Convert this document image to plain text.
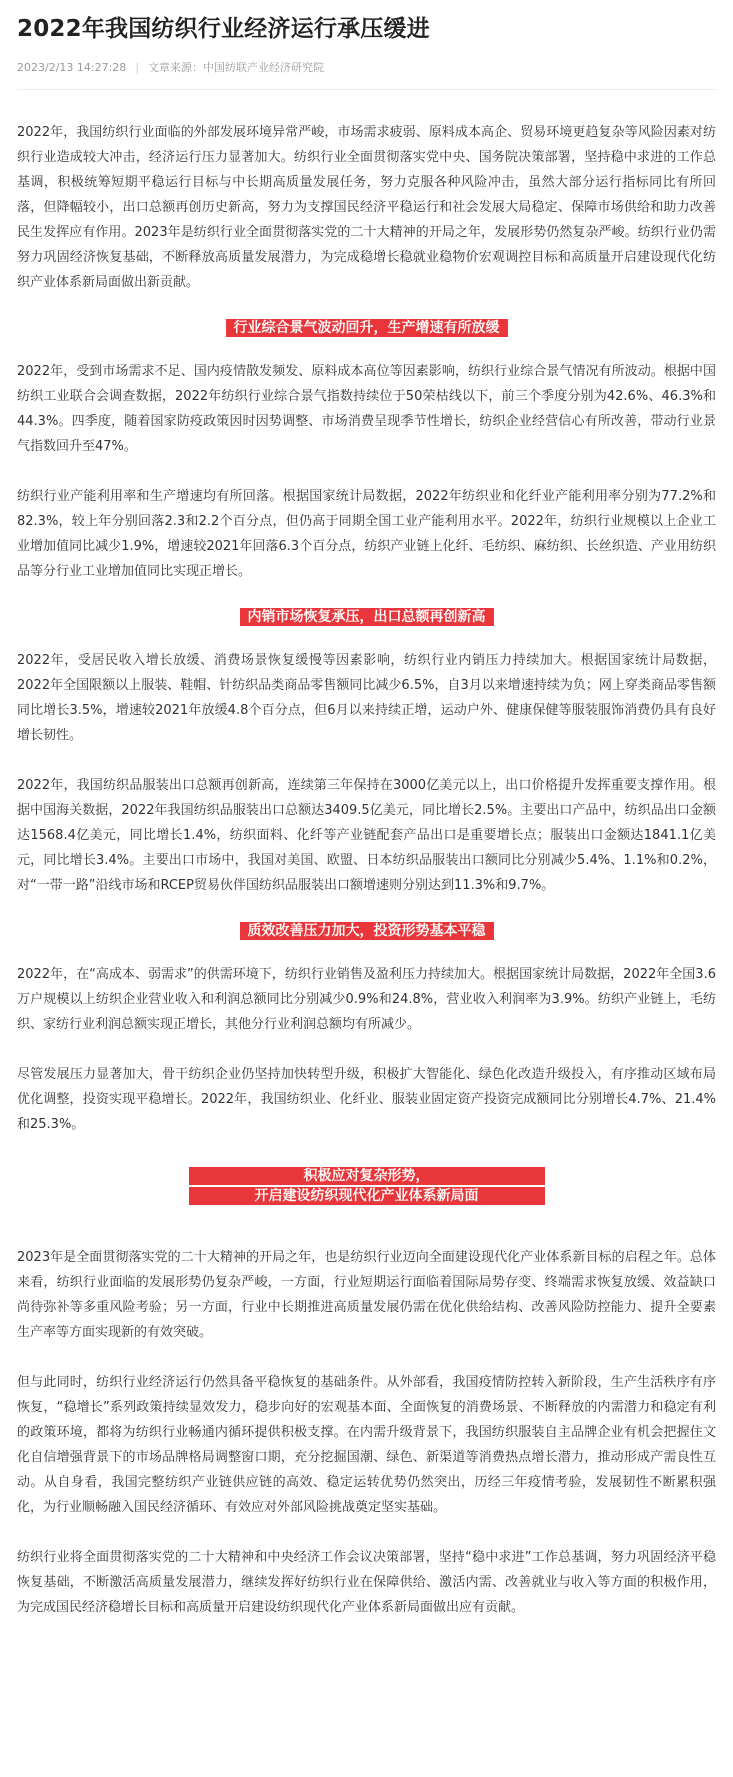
2022年我国纺织行业经济运行承压缓进
2023/2/13 14:27:28 | 文章来源：中国纺联产业经济研究院

2022年，我国纺织行业面临的外部发展环境异常严峻，市场需求疲弱、原料成本高企、贸易环境更趋复杂等风险因素对纺织行业造成较大冲击，经济运行压力显著加大。纺织行业全面贯彻落实党中央、国务院决策部署，坚持稳中求进的工作总基调，积极统筹短期平稳运行目标与中长期高质量发展任务，努力克服各种风险冲击，虽然大部分运行指标同比有所回落，但降幅较小，出口总额再创历史新高，努力为支撑国民经济平稳运行和社会发展大局稳定、保障市场供给和助力改善民生发挥应有作用。2023年是纺织行业全面贯彻落实党的二十大精神的开局之年，发展形势仍然复杂严峻。纺织行业仍需努力巩固经济恢复基础，不断释放高质量发展潜力，为完成稳增长稳就业稳物价宏观调控目标和高质量开启建设现代化纺织产业体系新局面做出新贡献。

行业综合景气波动回升，生产增速有所放缓

2022年，受到市场需求不足、国内疫情散发频发、原料成本高位等因素影响，纺织行业综合景气情况有所波动。根据中国纺织工业联合会调查数据，2022年纺织行业综合景气指数持续位于50荣枯线以下，前三个季度分别为42.6%、46.3%和44.3%。四季度，随着国家防疫政策因时因势调整、市场消费呈现季节性增长，纺织企业经营信心有所改善，带动行业景气指数回升至47%。

纺织行业产能利用率和生产增速均有所回落。根据国家统计局数据，2022年纺织业和化纤业产能利用率分别为77.2%和82.3%，较上年分别回落2.3和2.2个百分点，但仍高于同期全国工业产能利用水平。2022年，纺织行业规模以上企业工业增加值同比减少1.9%，增速较2021年回落6.3个百分点，纺织产业链上化纤、毛纺织、麻纺织、长丝织造、产业用纺织品等分行业工业增加值同比实现正增长。

内销市场恢复承压，出口总额再创新高

2022年，受居民收入增长放缓、消费场景恢复缓慢等因素影响，纺织行业内销压力持续加大。根据国家统计局数据，2022年全国限额以上服装、鞋帽、针纺织品类商品零售额同比减少6.5%，自3月以来增速持续为负；网上穿类商品零售额同比增长3.5%，增速较2021年放缓4.8个百分点，但6月以来持续正增，运动户外、健康保健等服装服饰消费仍具有良好增长韧性。

2022年，我国纺织品服装出口总额再创新高，连续第三年保持在3000亿美元以上，出口价格提升发挥重要支撑作用。根据中国海关数据，2022年我国纺织品服装出口总额达3409.5亿美元，同比增长2.5%。主要出口产品中，纺织品出口金额达1568.4亿美元，同比增长1.4%，纺织面料、化纤等产业链配套产品出口是重要增长点；服装出口金额达1841.1亿美元，同比增长3.4%。主要出口市场中，我国对美国、欧盟、日本纺织品服装出口额同比分别减少5.4%、1.1%和0.2%，对“一带一路”沿线市场和RCEP贸易伙伴国纺织品服装出口额增速则分别达到11.3%和9.7%。

质效改善压力加大，投资形势基本平稳

2022年，在“高成本、弱需求”的供需环境下，纺织行业销售及盈利压力持续加大。根据国家统计局数据，2022年全国3.6万户规模以上纺织企业营业收入和利润总额同比分别减少0.9%和24.8%，营业收入利润率为3.9%。纺织产业链上，毛纺织、家纺行业利润总额实现正增长，其他分行业利润总额均有所减少。

尽管发展压力显著加大，骨干纺织企业仍坚持加快转型升级，积极扩大智能化、绿色化改造升级投入，有序推动区域布局优化调整，投资实现平稳增长。2022年，我国纺织业、化纤业、服装业固定资产投资完成额同比分别增长4.7%、21.4%和25.3%。

积极应对复杂形势，
开启建设纺织现代化产业体系新局面

2023年是全面贯彻落实党的二十大精神的开局之年，也是纺织行业迈向全面建设现代化产业体系新目标的启程之年。总体来看，纺织行业面临的发展形势仍复杂严峻，一方面，行业短期运行面临着国际局势存变、终端需求恢复放缓、效益缺口尚待弥补等多重风险考验；另一方面，行业中长期推进高质量发展仍需在优化供给结构、改善风险防控能力、提升全要素生产率等方面实现新的有效突破。

但与此同时，纺织行业经济运行仍然具备平稳恢复的基础条件。从外部看，我国疫情防控转入新阶段，生产生活秩序有序恢复，“稳增长”系列政策持续显效发力，稳步向好的宏观基本面、全面恢复的消费场景、不断释放的内需潜力和稳定有利的政策环境，都将为纺织行业畅通内循环提供积极支撑。在内需升级背景下，我国纺织服装自主品牌企业有机会把握住文化自信增强背景下的市场品牌格局调整窗口期，充分挖掘国潮、绿色、新渠道等消费热点增长潜力，推动形成产需良性互动。从自身看，我国完整纺织产业链供应链的高效、稳定运转优势仍然突出，历经三年疫情考验，发展韧性不断累积强化，为行业顺畅融入国民经济循环、有效应对外部风险挑战奠定坚实基础。

纺织行业将全面贯彻落实党的二十大精神和中央经济工作会议决策部署，坚持“稳中求进”工作总基调，努力巩固经济平稳恢复基础，不断激活高质量发展潜力，继续发挥好纺织行业在保障供给、激活内需、改善就业与收入等方面的积极作用，为完成国民经济稳增长目标和高质量开启建设纺织现代化产业体系新局面做出应有贡献。
